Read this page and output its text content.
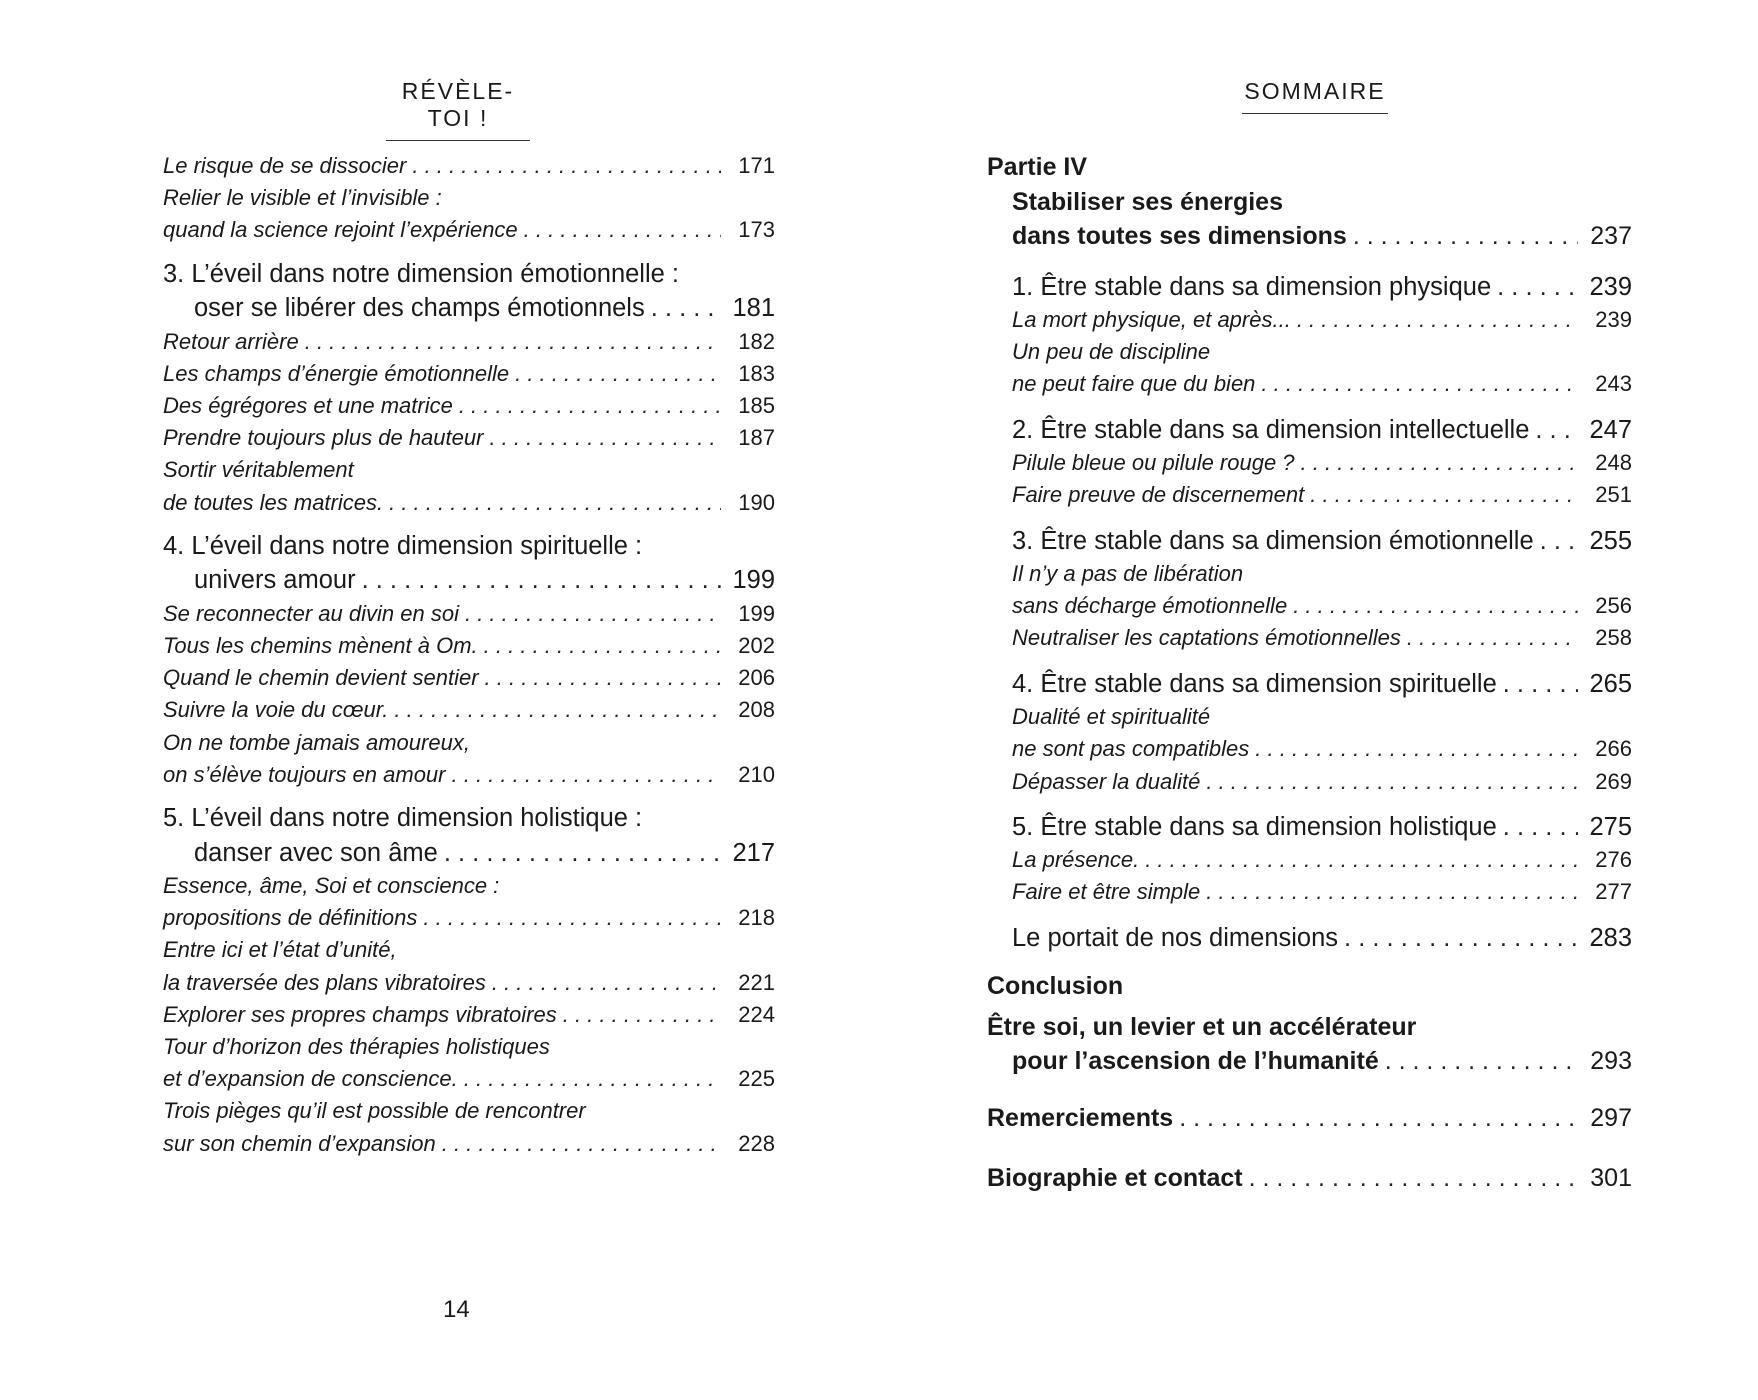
RÉVÈLE-TOI !
Le risque de se dissocier . . .	171
Relier le visible et l’invisible :
quand la science rejoint l’expérience . . .	173
3. L’éveil dans notre dimension émotionnelle :
oser se libérer des champs émotionnels . . .	181
Retour arrière . . .	182
Les champs d’énergie émotionnelle . . .	183
Des égrégores et une matrice . . .	185
Prendre toujours plus de hauteur . . .	187
Sortir véritablement
de toutes les matrices. . . .	190
4. L’éveil dans notre dimension spirituelle :
univers amour . . .	199
Se reconnecter au divin en soi . . .	199
Tous les chemins mènent à Om. . . .	202
Quand le chemin devient sentier . . .	206
Suivre la voie du cœur. . . .	208
On ne tombe jamais amoureux,
on s’élève toujours en amour . . .	210
5. L’éveil dans notre dimension holistique :
danser avec son âme . . .	217
Essence, âme, Soi et conscience :
propositions de définitions . . .	218
Entre ici et l’état d’unité,
la traversée des plans vibratoires . . .	221
Explorer ses propres champs vibratoires . . .	224
Tour d’horizon des thérapies holistiques
et d’expansion de conscience. . . .	225
Trois pièges qu’il est possible de rencontrer
sur son chemin d’expansion . . .	228
14
SOMMAIRE
Partie IV
Stabiliser ses énergies
dans toutes ses dimensions . . .	237
1. Être stable dans sa dimension physique . . .	239
La mort physique, et après... . . .	239
Un peu de discipline
ne peut faire que du bien . . .	243
2. Être stable dans sa dimension intellectuelle . . . 247
Pilule bleue ou pilule rouge ? . . .	248
Faire preuve de discernement . . .	251
3. Être stable dans sa dimension émotionnelle . . . 255
Il n’y a pas de libération
sans décharge émotionnelle . . .	256
Neutraliser les captations émotionnelles . . .	258
4. Être stable dans sa dimension spirituelle . . .	265
Dualité et spiritualité
ne sont pas compatibles . . .	266
Dépasser la dualité . . .	269
5. Être stable dans sa dimension holistique . . .	275
La présence. . . .	276
Faire et être simple . . .	277
Le portait de nos dimensions . . .	283
Conclusion
Être soi, un levier et un accélérateur
pour l’ascension de l’humanité . . .	293
Remerciements . . .	297
Biographie et contact . . .	301
